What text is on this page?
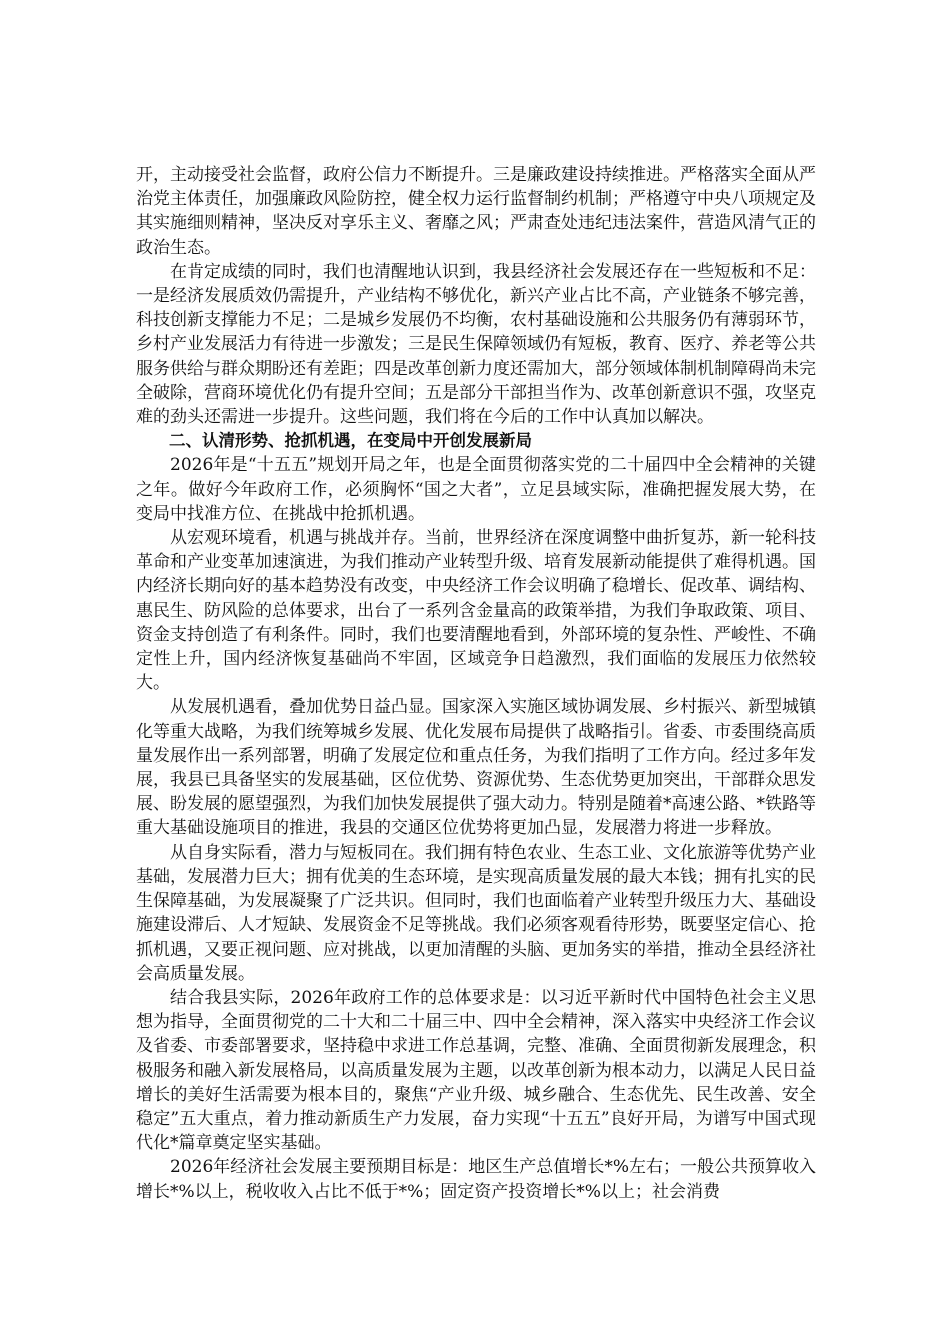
开，主动接受社会监督，政府公信力不断提升。三是廉政建设持续推进。严格落实全面从严治党主体责任，加强廉政风险防控，健全权力运行监督制约机制；严格遵守中央八项规定及其实施细则精神，坚决反对享乐主义、奢靡之风；严肃查处违纪违法案件，营造风清气正的政治生态。

在肯定成绩的同时，我们也清醒地认识到，我县经济社会发展还存在一些短板和不足：一是经济发展质效仍需提升，产业结构不够优化，新兴产业占比不高，产业链条不够完善，科技创新支撑能力不足；二是城乡发展仍不均衡，农村基础设施和公共服务仍有薄弱环节，乡村产业发展活力有待进一步激发；三是民生保障领域仍有短板，教育、医疗、养老等公共服务供给与群众期盼还有差距；四是改革创新力度还需加大，部分领域体制机制障碍尚未完全破除，营商环境优化仍有提升空间；五是部分干部担当作为、改革创新意识不强，攻坚克难的劲头还需进一步提升。这些问题，我们将在今后的工作中认真加以解决。

二、认清形势、抢抓机遇，在变局中开创发展新局

2026年是“十五五”规划开局之年，也是全面贯彻落实党的二十届四中全会精神的关键之年。做好今年政府工作，必须胸怀“国之大者”，立足县域实际，准确把握发展大势，在变局中找准方位、在挑战中抢抓机遇。

从宏观环境看，机遇与挑战并存。当前，世界经济在深度调整中曲折复苏，新一轮科技革命和产业变革加速演进，为我们推动产业转型升级、培育发展新动能提供了难得机遇。国内经济长期向好的基本趋势没有改变，中央经济工作会议明确了稳增长、促改革、调结构、惠民生、防风险的总体要求，出台了一系列含金量高的政策举措，为我们争取政策、项目、资金支持创造了有利条件。同时，我们也要清醒地看到，外部环境的复杂性、严峻性、不确定性上升，国内经济恢复基础尚不牢固，区域竞争日趋激烈，我们面临的发展压力依然较大。

从发展机遇看，叠加优势日益凸显。国家深入实施区域协调发展、乡村振兴、新型城镇化等重大战略，为我们统筹城乡发展、优化发展布局提供了战略指引。省委、市委围绕高质量发展作出一系列部署，明确了发展定位和重点任务，为我们指明了工作方向。经过多年发展，我县已具备坚实的发展基础，区位优势、资源优势、生态优势更加突出，干部群众思发展、盼发展的愿望强烈，为我们加快发展提供了强大动力。特别是随着*高速公路、*铁路等重大基础设施项目的推进，我县的交通区位优势将更加凸显，发展潜力将进一步释放。

从自身实际看，潜力与短板同在。我们拥有特色农业、生态工业、文化旅游等优势产业基础，发展潜力巨大；拥有优美的生态环境，是实现高质量发展的最大本钱；拥有扎实的民生保障基础，为发展凝聚了广泛共识。但同时，我们也面临着产业转型升级压力大、基础设施建设滞后、人才短缺、发展资金不足等挑战。我们必须客观看待形势，既要坚定信心、抢抓机遇，又要正视问题、应对挑战，以更加清醒的头脑、更加务实的举措，推动全县经济社会高质量发展。

结合我县实际，2026年政府工作的总体要求是：以习近平新时代中国特色社会主义思想为指导，全面贯彻党的二十大和二十届三中、四中全会精神，深入落实中央经济工作会议及省委、市委部署要求，坚持稳中求进工作总基调，完整、准确、全面贯彻新发展理念，积极服务和融入新发展格局，以高质量发展为主题，以改革创新为根本动力，以满足人民日益增长的美好生活需要为根本目的，聚焦“产业升级、城乡融合、生态优先、民生改善、安全稳定”五大重点，着力推动新质生产力发展，奋力实现“十五五”良好开局，为谱写中国式现代化*篇章奠定坚实基础。

2026年经济社会发展主要预期目标是：地区生产总值增长*%左右；一般公共预算收入增长*%以上，税收收入占比不低于*%；固定资产投资增长*%以上；社会消费
